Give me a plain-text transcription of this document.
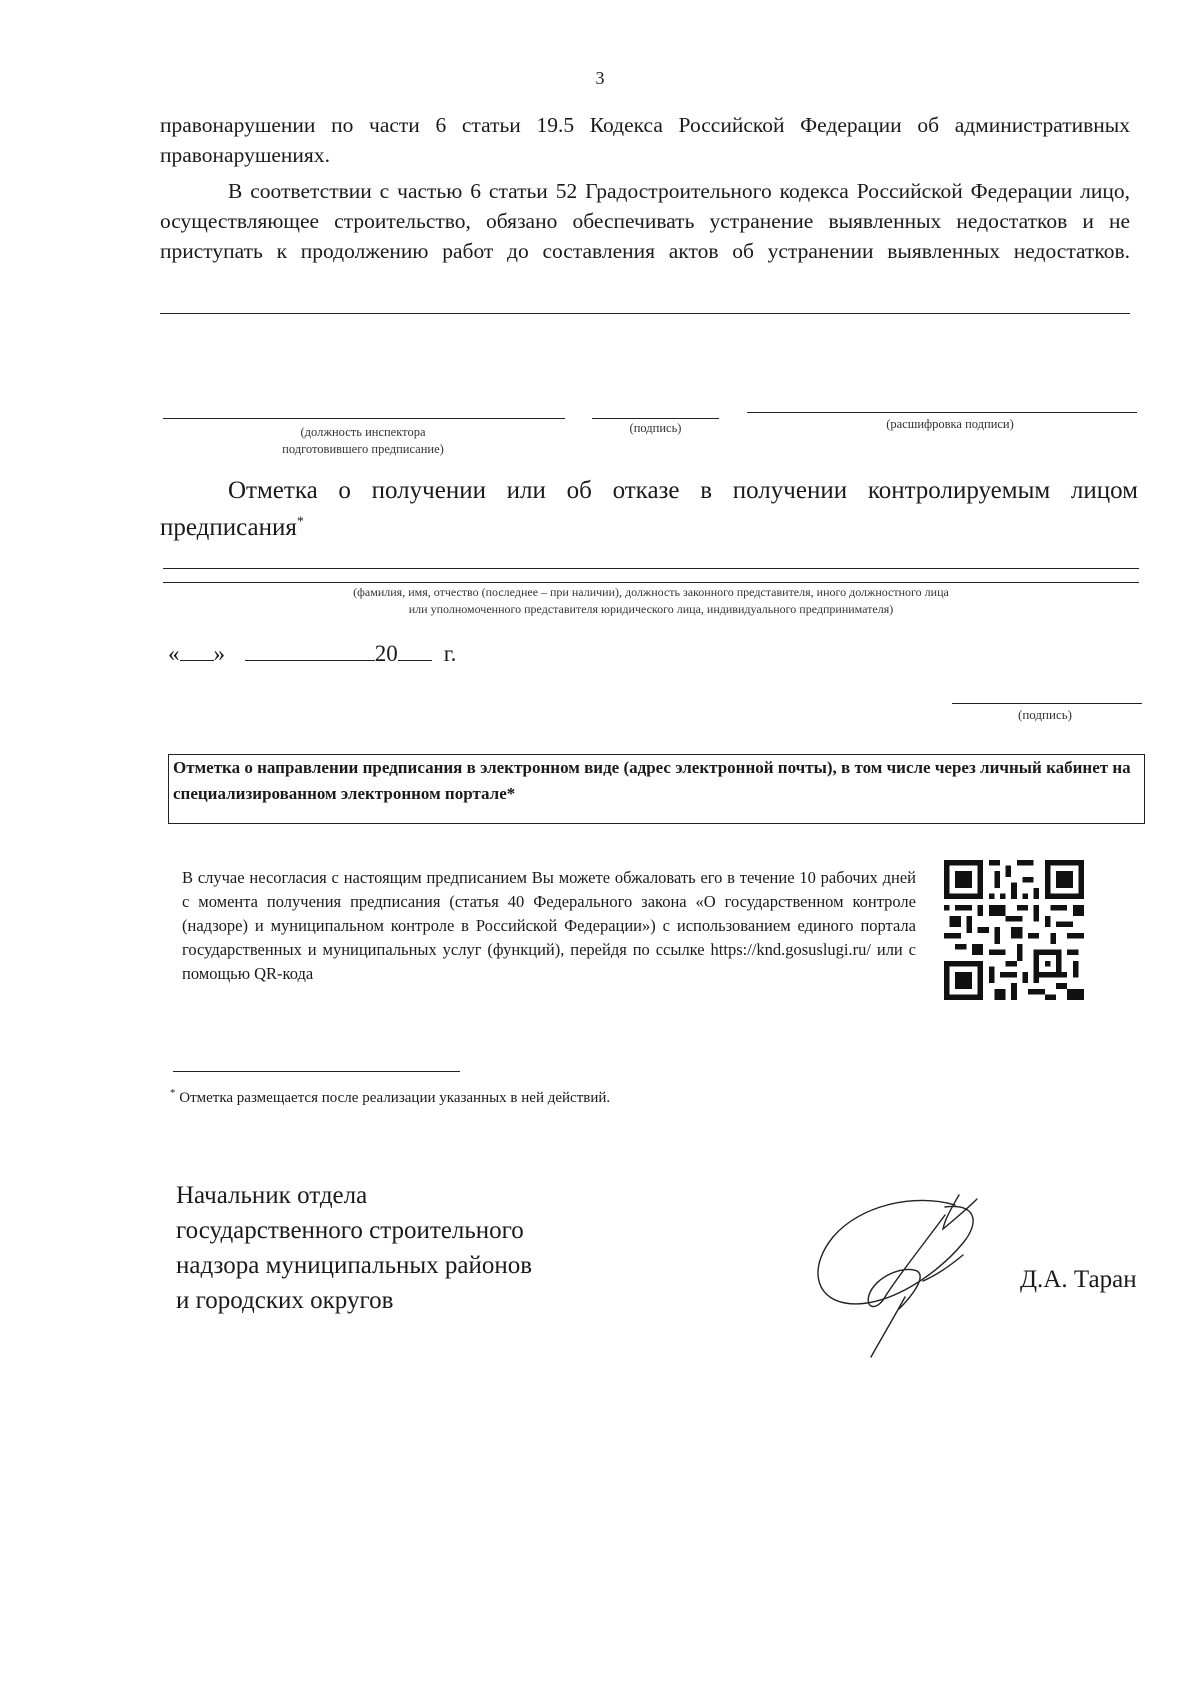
3

правонарушении по части 6 статьи 19.5 Кодекса Российской Федерации об административных правонарушениях.

В соответствии с частью 6 статьи 52 Градостроительного кодекса Российской Федерации лицо, осуществляющее строительство, обязано обеспечивать устранение выявленных недостатков и не приступать к продолжению работ до составления актов об устранении выявленных недостатков.

(должность инспектора
подготовившего предписание)
(подпись)	(расшифровка подписи)

Отметка о получении или об отказе в получении контролируемым лицом предписания*

(фамилия, имя, отчество (последнее – при наличии), должность законного представителя, иного должностного лица
или уполномоченного представителя юридического лица, индивидуального предпринимателя)
« »	20 г.
(подпись)
Отметка о направлении предписания в электронном виде (адрес электронной почты), в том числе через личный кабинет на специализированном электронном портале*
В случае несогласия с настоящим предписанием Вы можете обжаловать его в течение 10 рабочих дней с момента получения предписания (статья 40 Федерального закона «О государственном контроле (надзоре) и муниципальном контроле в Российской Федерации») с использованием единого портала государственных и муниципальных услуг (функций), перейдя по ссылке https://knd.gosuslugi.ru/ или с помощью QR-кода
* Отметка размещается после реализации указанных в ней действий.
Начальник отдела
государственного строительного
надзора муниципальных районов
и городских округов
Д.А. Таран
